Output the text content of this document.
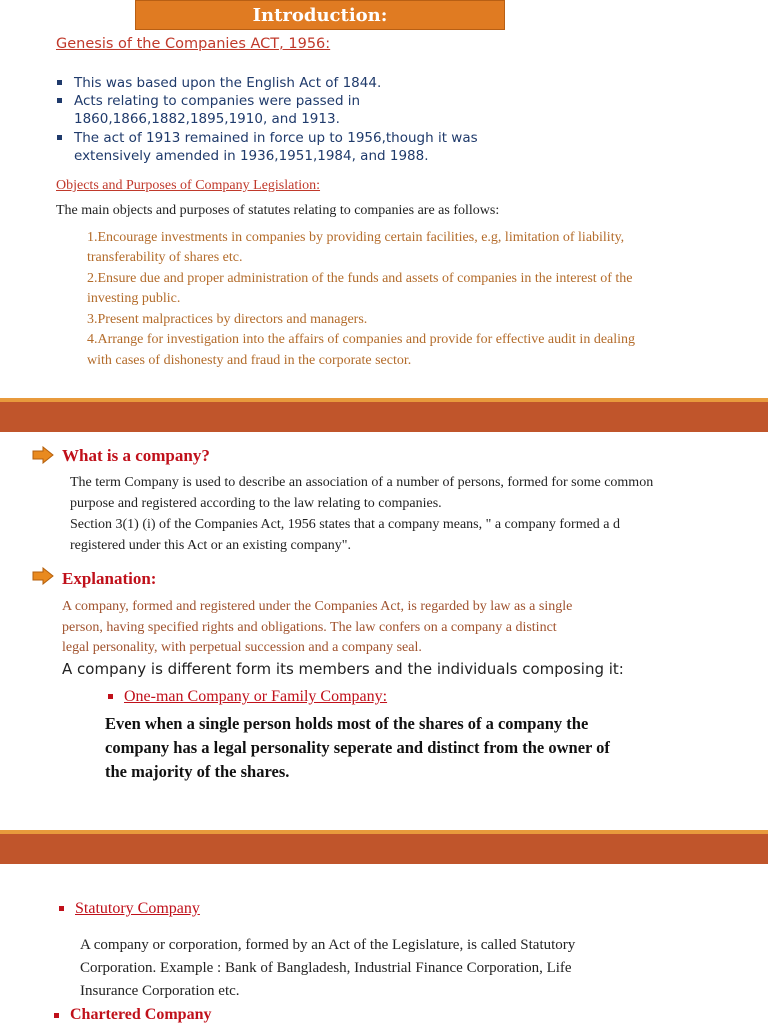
Introduction:
Genesis of the Companies ACT, 1956:
This was based upon the English Act of 1844.
Acts relating to companies were passed in
1860,1866,1882,1895,1910, and 1913.
The act of 1913 remained in force up to 1956,though it was
extensively amended in 1936,1951,1984, and 1988.
Objects and Purposes of Company Legislation:
The main objects and purposes of statutes relating to companies are as follows:
1.Encourage investments in companies by providing certain facilities, e.g, limitation of liability,
transferability of shares etc.
2.Ensure due and proper administration of the funds and assets of companies in the interest of the
investing public.
3.Present malpractices by directors and managers.
4.Arrange for investigation into the affairs of companies and provide for effective audit in dealing
with cases of dishonesty and fraud in the corporate sector.
What is a company?
The term Company is used to describe an association of a number of persons, formed for some common
purpose and registered according to the law relating to companies.
Section 3(1) (i) of the Companies Act, 1956 states that a company means, " a company formed a d
registered under this Act or an existing company".
Explanation:
A company, formed and registered under the Companies Act, is regarded by law as a single
person, having specified rights and obligations. The law confers on a company a distinct
legal personality, with perpetual succession and a company seal.
A company is different form its members and the individuals composing it:
One-man Company or Family Company:
Even when a single person holds most of the shares of a company the
company has a legal personality seperate and distinct from the owner of
the majority of the shares.
Statutory Company
A company or corporation, formed by an Act of the Legislature, is called Statutory
Corporation. Example : Bank of Bangladesh, Industrial Finance Corporation, Life
Insurance Corporation etc.
Chartered Company
